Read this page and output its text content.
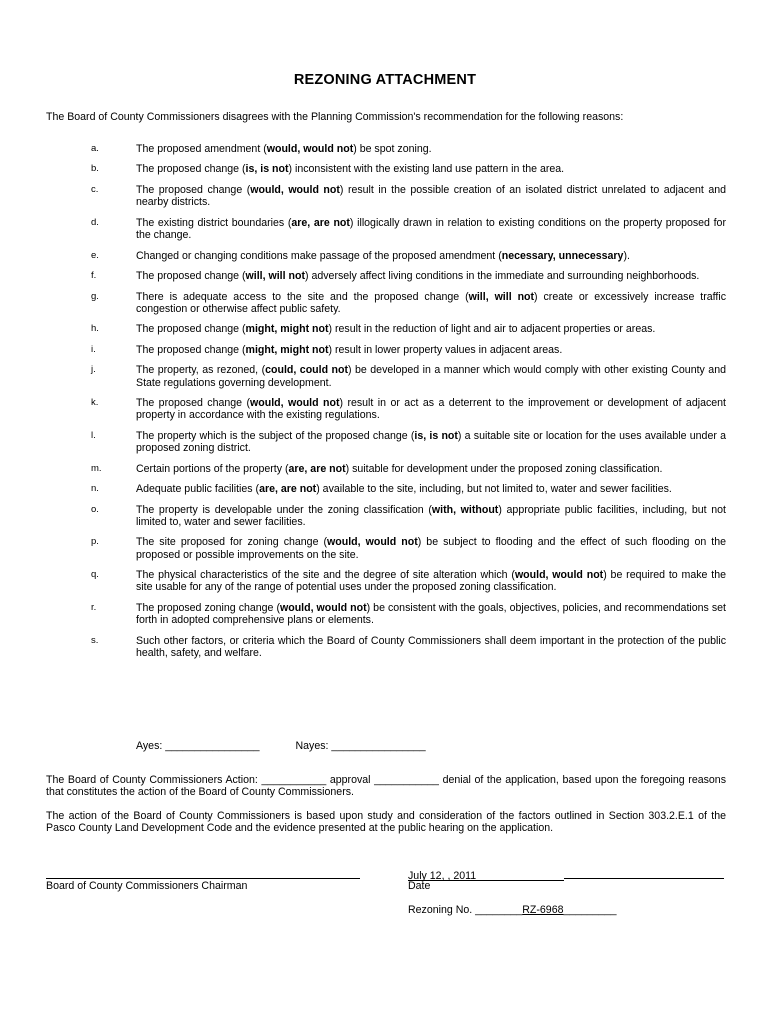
REZONING ATTACHMENT
The Board of County Commissioners disagrees with the Planning Commission's recommendation for the following reasons:
a.	The proposed amendment (would, would not) be spot zoning.
b.	The proposed change (is, is not) inconsistent with the existing land use pattern in the area.
c.	The proposed change (would, would not) result in the possible creation of an isolated district unrelated to adjacent and nearby districts.
d.	The existing district boundaries (are, are not) illogically drawn in relation to existing conditions on the property proposed for the change.
e.	Changed or changing conditions make passage of the proposed amendment (necessary, unnecessary).
f.	The proposed change (will, will not) adversely affect living conditions in the immediate and surrounding neighborhoods.
g.	There is adequate access to the site and the proposed change (will, will not) create or excessively increase traffic congestion or otherwise affect public safety.
h.	The proposed change (might, might not) result in the reduction of light and air to adjacent properties or areas.
i.	The proposed change (might, might not) result in lower property values in adjacent areas.
j.	The property, as rezoned, (could, could not) be developed in a manner which would comply with other existing County and State regulations governing development.
k.	The proposed change (would, would not) result in or act as a deterrent to the improvement or development of adjacent property in accordance with the existing regulations.
l.	The property which is the subject of the proposed change (is, is not) a suitable site or location for the uses available under a proposed zoning district.
m.	Certain portions of the property (are, are not) suitable for development under the proposed zoning classification.
n.	Adequate public facilities (are, are not) available to the site, including, but not limited to, water and sewer facilities.
o.	The property is developable under the zoning classification (with, without) appropriate public facilities, including, but not limited to, water and sewer facilities.
p.	The site proposed for zoning change (would, would not) be subject to flooding and the effect of such flooding on the proposed or possible improvements on the site.
q.	The physical characteristics of the site and the degree of site alteration which (would, would not) be required to make the site usable for any of the range of potential uses under the proposed zoning classification.
r.	The proposed zoning change (would, would not) be consistent with the goals, objectives, policies, and recommendations set forth in adopted comprehensive plans or elements.
s.	Such other factors, or criteria which the Board of County Commissioners shall deem important in the protection of the public health, safety, and welfare.
Ayes: ________________	Nayes: ________________
The Board of County Commissioners Action: ___________ approval ___________ denial of the application, based upon the foregoing reasons that constitutes the action of the Board of County Commissioners.
The action of the Board of County Commissioners is based upon study and consideration of the factors outlined in Section 303.2.E.1 of the Pasco County Land Development Code and the evidence presented at the public hearing on the application.
Board of County Commissioners Chairman
July 12, , 2011
Date
Rezoning No. ________RZ-6968_________
